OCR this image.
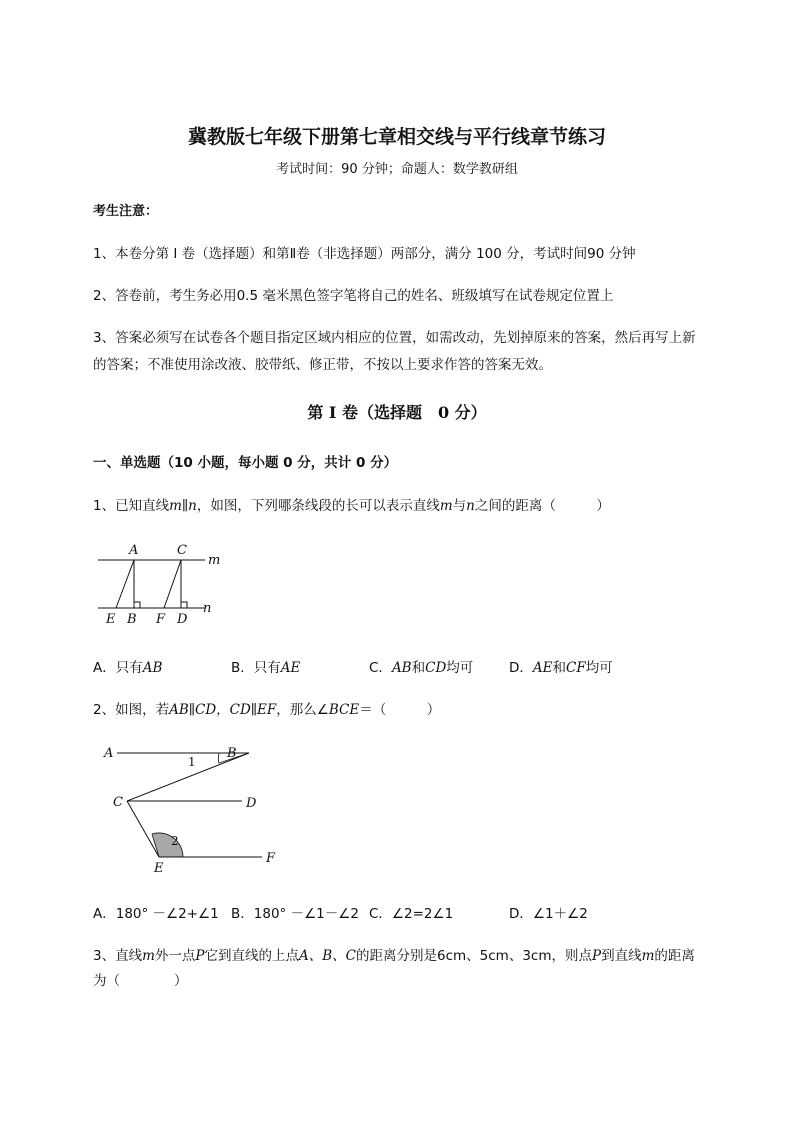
冀教版七年级下册第七章相交线与平行线章节练习
考试时间：90 分钟；命题人：数学教研组
考生注意：
1、本卷分第 I 卷（选择题）和第Ⅱ卷（非选择题）两部分，满分 100 分，考试时间90 分钟
2、答卷前，考生务必用0.5 毫米黑色签字笔将自己的姓名、班级填写在试卷规定位置上
3、答案必须写在试卷各个题目指定区域内相应的位置，如需改动，先划掉原来的答案，然后再写上新
的答案；不准使用涂改液、胶带纸、修正带，不按以上要求作答的答案无效。
第 I 卷（选择题　0 分）
一、单选题（10 小题，每小题 0 分，共计 0 分）
1、已知直线m∥n，如图，下列哪条线段的长可以表示直线m与n之间的距离（　　　）
A	C
m
E B F D
n
A．只有AB	B．只有AE	C．AB和CD均可	D．AE和CF均可
2、如图，若AB∥CD，CD∥EF，那么∠BCE＝（　　　）
A	B
C	D
E
F
1
2
A．180° －∠2+∠1 B．180° －∠1－∠2 C．∠2=2∠1	D．∠1＋∠2
3、直线m外一点P它到直线的上点A、B、C的距离分别是6cm、5cm、3cm，则点P到直线m的距离
为（　　　　）
